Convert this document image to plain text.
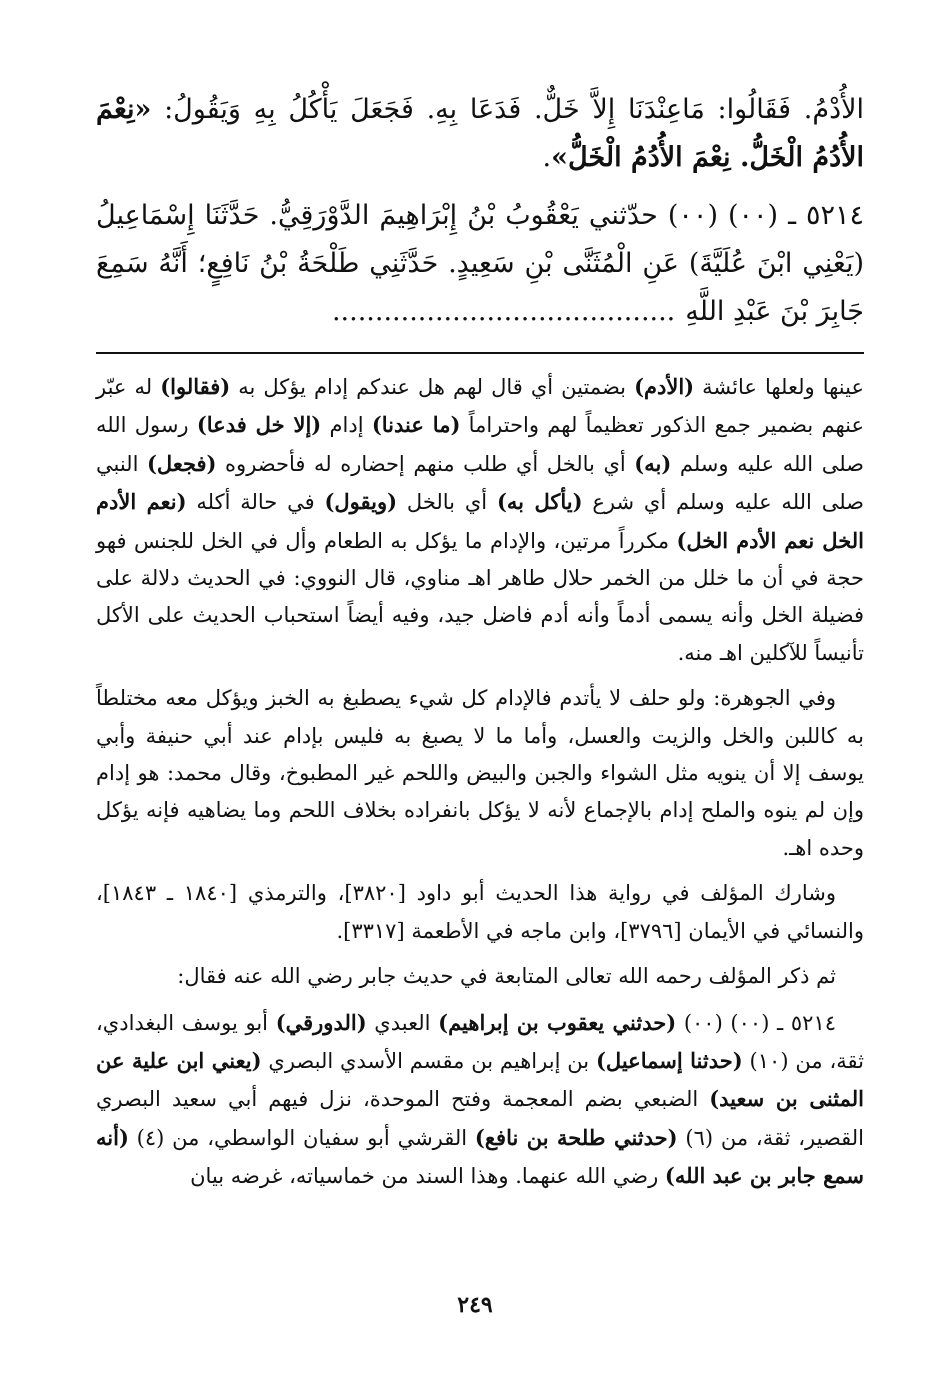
الأُدْمُ. فَقَالُوا: مَاعِنْدَنَا إِلاَّ خَلٌّ. فَدَعَا بِهِ. فَجَعَلَ يَأْكُلُ بِهِ وَيَقُولُ: «نِعْمَ الأُدُمُ الْخَلُّ. نِعْمَ الأُدُمُ الْخَلُّ».

٥٢١٤ ـ (٠٠) (٠٠) حدّثني يَعْقُوبُ بْنُ إِبْرَاهِيمَ الدَّوْرَقِيُّ. حَدَّثَنَا إِسْمَاعِيلُ (يَعْنِي ابْنَ عُلَيَّةَ) عَنِ الْمُثَنَّى بْنِ سَعِيدٍ. حَدَّثَنِي طَلْحَةُ بْنُ نَافِعٍ؛ أَنَّهُ سَمِعَ جَابِرَ بْنَ عَبْدِ اللَّهِ........................................

عينها ولعلها عائشة (الأدم) بضمتين أي قال لهم هل عندكم إدام يؤكل به (فقالوا) له عبّر عنهم بضمير جمع الذكور تعظيماً لهم واحتراماً (ما عندنا) إدام (إلا خل فدعا) رسول الله صلى الله عليه وسلم (به) أي بالخل أي طلب منهم إحضاره له فأحضروه (فجعل) النبي صلى الله عليه وسلم أي شرع (يأكل به) أي بالخل (ويقول) في حالة أكله (نعم الأدم الخل نعم الأدم الخل) مكرراً مرتين، والإدام ما يؤكل به الطعام وأل في الخل للجنس فهو حجة في أن ما خلل من الخمر حلال طاهر اهـ مناوي، قال النووي: في الحديث دلالة على فضيلة الخل وأنه يسمى أدماً وأنه أدم فاضل جيد، وفيه أيضاً استحباب الحديث على الأكل تأنيساً للآكلين اهـ منه.

وفي الجوهرة: ولو حلف لا يأتدم فالإدام كل شيء يصطبغ به الخبز ويؤكل معه مختلطاً به كاللبن والخل والزيت والعسل، وأما ما لا يصبغ به فليس بإدام عند أبي حنيفة وأبي يوسف إلا أن ينويه مثل الشواء والجبن والبيض واللحم غير المطبوخ، وقال محمد: هو إدام وإن لم ينوه والملح إدام بالإجماع لأنه لا يؤكل بانفراده بخلاف اللحم وما يضاهيه فإنه يؤكل وحده اهـ.

وشارك المؤلف في رواية هذا الحديث أبو داود [٣٨٢٠]، والترمذي [١٨٤٠ ـ ١٨٤٣]، والنسائي في الأيمان [٣٧٩٦]، وابن ماجه في الأطعمة [٣٣١٧].

ثم ذكر المؤلف رحمه الله تعالى المتابعة في حديث جابر رضي الله عنه فقال:

٥٢١٤ ـ (٠٠) (٠٠) (حدثني يعقوب بن إبراهيم) العبدي (الدورقي) أبو يوسف البغدادي، ثقة، من (١٠) (حدثنا إسماعيل) بن إبراهيم بن مقسم الأسدي البصري (يعني ابن علية عن المثنى بن سعيد) الضبعي بضم المعجمة وفتح الموحدة، نزل فيهم أبي سعيد البصري القصير، ثقة، من (٦) (حدثني طلحة بن نافع) القرشي أبو سفيان الواسطي، من (٤) (أنه سمع جابر بن عبد الله) رضي الله عنهما. وهذا السند من خماسياته، غرضه بيان

٢٤٩
